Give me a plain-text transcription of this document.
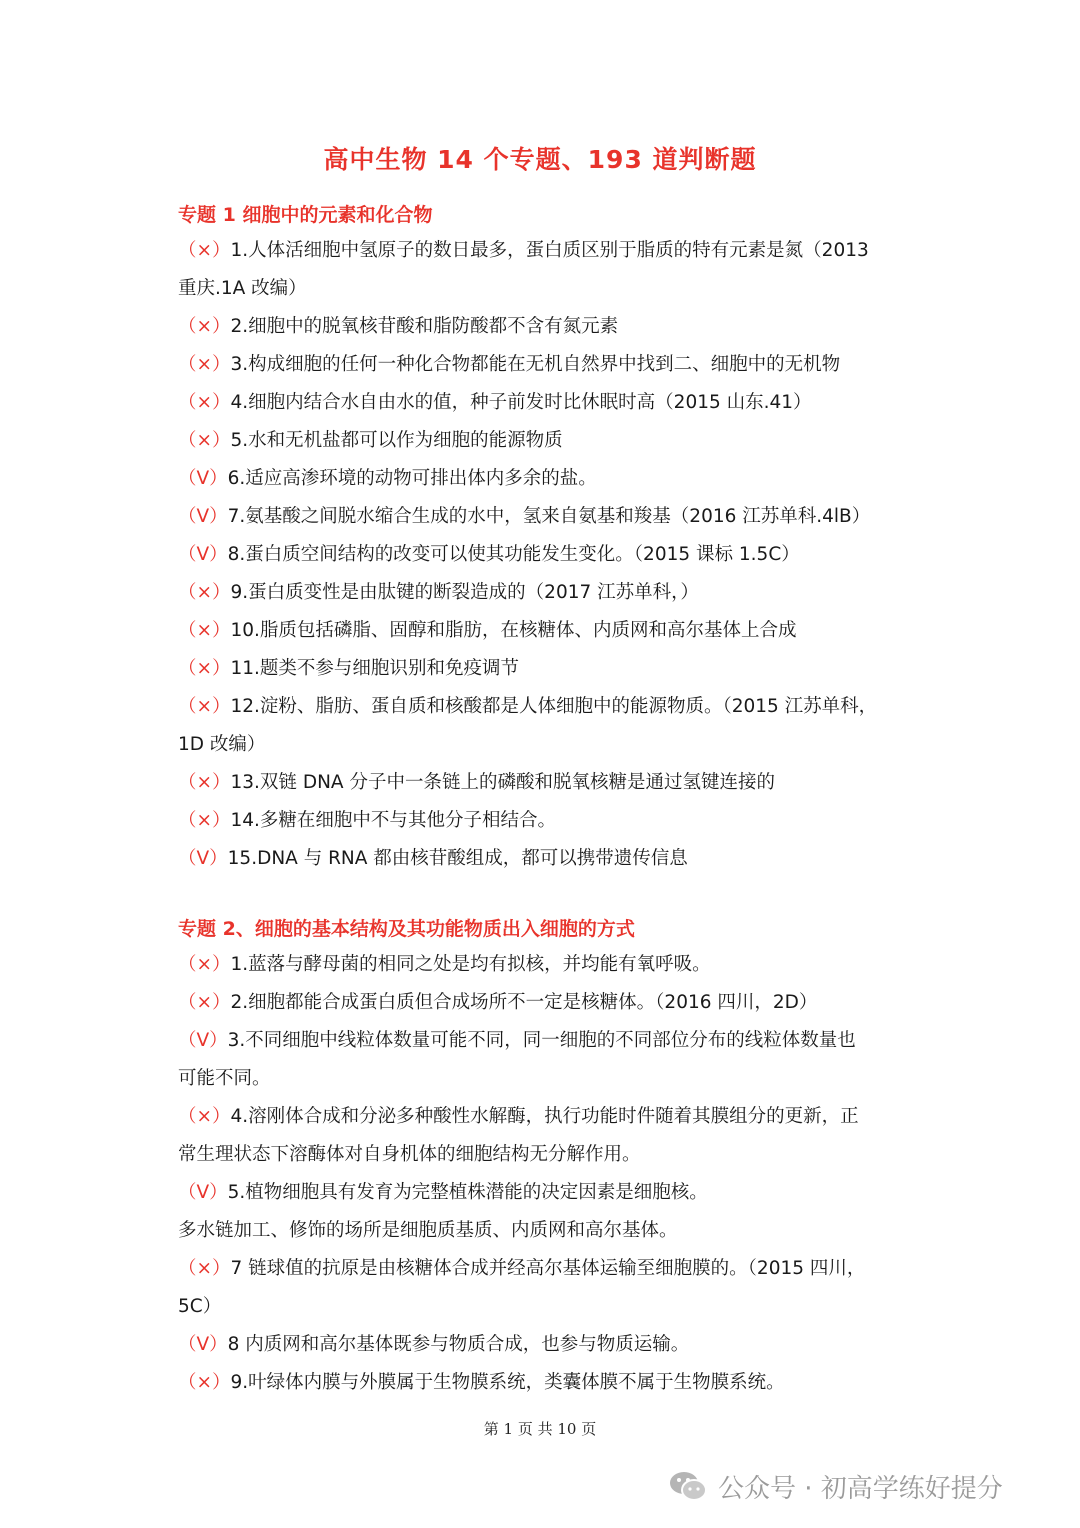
高中生物 14 个专题、193 道判断题
专题 1 细胞中的元素和化合物
（×）1.人体活细胞中氢原子的数日最多，蛋白质区别于脂质的特有元素是氮（2013
重庆.1A 改编）
（×）2.细胞中的脱氧核苷酸和脂防酸都不含有氮元素
（×）3.构成细胞的任何一种化合物都能在无机自然界中找到二、细胞中的无机物
（×）4.细胞内结合水自由水的值，种子前发时比休眠时高（2015 山东.41）
（×）5.水和无机盐都可以作为细胞的能源物质
（V）6.适应高渗环境的动物可排出体内多余的盐。
（V）7.氨基酸之间脱水缩合生成的水中，氢来自氨基和羧基（2016 江苏单科.4lB）
（V）8.蛋白质空间结构的改变可以使其功能发生变化。（2015 课标 1.5C）
（×）9.蛋白质变性是由肽键的断裂造成的（2017 江苏单科，）
（×）10.脂质包括磷脂、固醇和脂肪，在核糖体、内质网和高尔基体上合成
（×）11.题类不参与细胞识别和免疫调节
（×）12.淀粉、脂肪、蛋自质和核酸都是人体细胞中的能源物质。（2015 江苏单科，
1D 改编）
（×）13.双链 DNA 分子中一条链上的磷酸和脱氧核糖是通过氢键连接的
（×）14.多糖在细胞中不与其他分子相结合。
（V）15.DNA 与 RNA 都由核苷酸组成，都可以携带遗传信息
专题 2、细胞的基本结构及其功能物质出入细胞的方式
（×）1.蓝落与酵母菌的相同之处是均有拟核，并均能有氧呼吸。
（×）2.细胞都能合成蛋白质但合成场所不一定是核糖体。（2016 四川，2D）
（V）3.不同细胞中线粒体数量可能不同，同一细胞的不同部位分布的线粒体数量也
可能不同。
（×）4.溶刚体合成和分泌多种酸性水解酶，执行功能时件随着其膜组分的更新，正
常生理状态下溶酶体对自身机体的细胞结构无分解作用。
（V）5.植物细胞具有发育为完整植株潜能的决定因素是细胞核。
多水链加工、修饰的场所是细胞质基质、内质网和高尔基体。
（×）7 链球值的抗原是由核糖体合成并经高尔基体运输至细胞膜的。（2015 四川，
5C）
（V）8 内质网和高尔基体既参与物质合成，也参与物质运输。
（×）9.叶绿体内膜与外膜属于生物膜系统，类囊体膜不属于生物膜系统。
第 1 页 共 10 页
公众号 · 初高学练好提分
